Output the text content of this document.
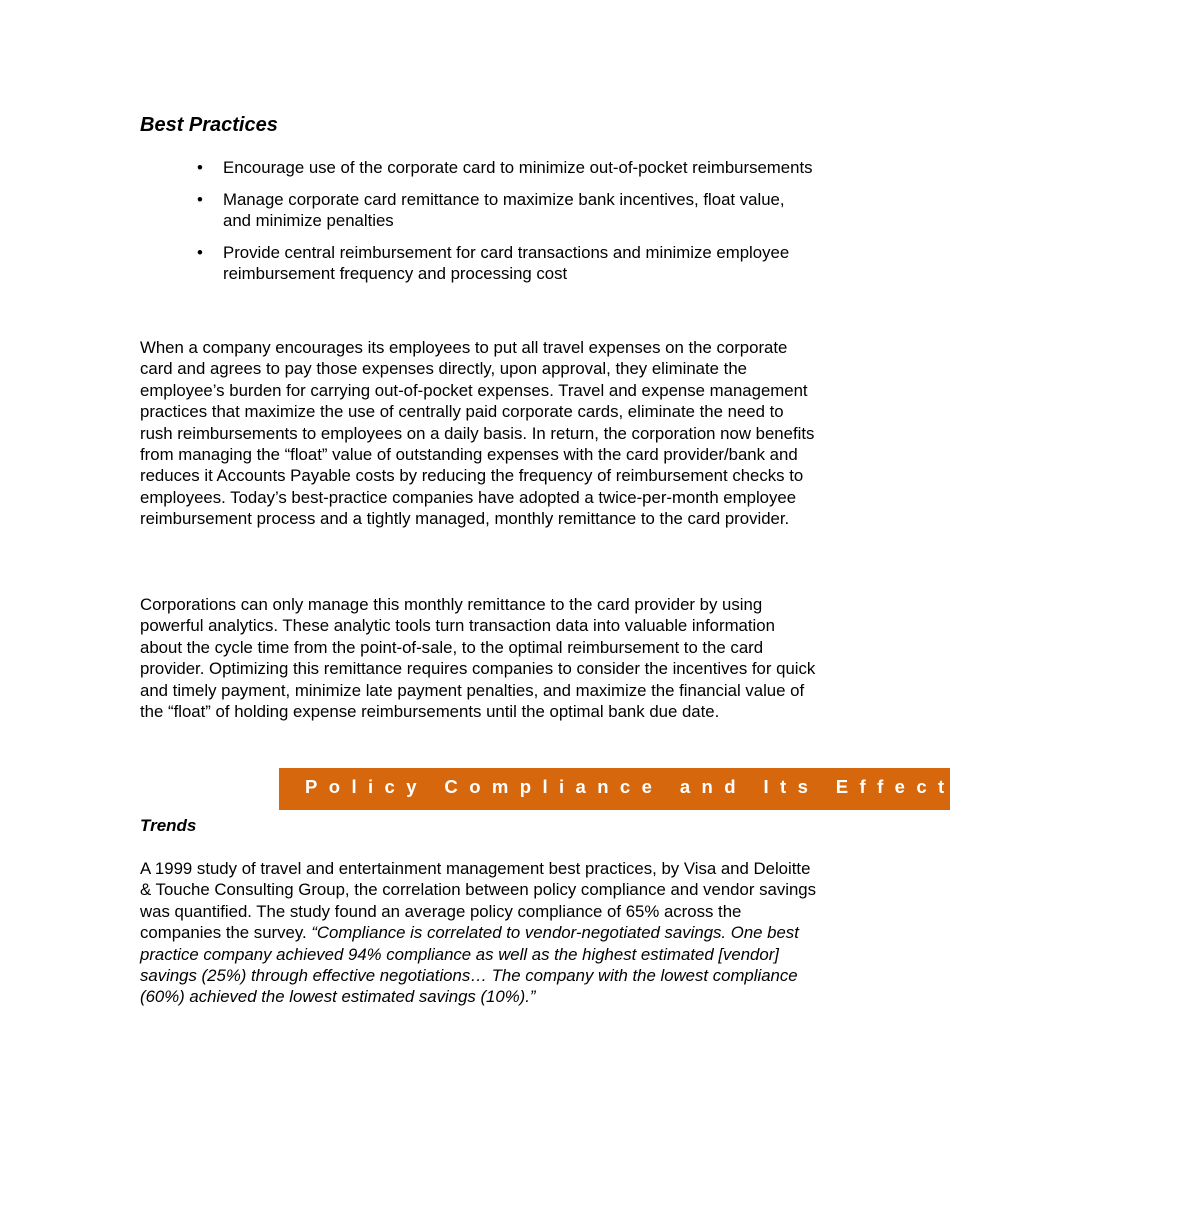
Best Practices
• Encourage use of the corporate card to minimize out-of-pocket reimbursements
• Manage corporate card remittance to maximize bank incentives, float value, and minimize penalties
• Provide central reimbursement for card transactions and minimize employee reimbursement frequency and processing cost

When a company encourages its employees to put all travel expenses on the corporate card and agrees to pay those expenses directly, upon approval, they eliminate the employee’s burden for carrying out-of-pocket expenses. Travel and expense management practices that maximize the use of centrally paid corporate cards, eliminate the need to rush reimbursements to employees on a daily basis. In return, the corporation now benefits from managing the “float” value of outstanding expenses with the card provider/bank and reduces it Accounts Payable costs by reducing the frequency of reimbursement checks to employees. Today’s best-practice companies have adopted a twice-per-month employee reimbursement process and a tightly managed, monthly remittance to the card provider.

Corporations can only manage this monthly remittance to the card provider by using powerful analytics. These analytic tools turn transaction data into valuable information about the cycle time from the point-of-sale, to the optimal reimbursement to the card provider. Optimizing this remittance requires companies to consider the incentives for quick and timely payment, minimize late payment penalties, and maximize the financial value of the “float” of holding expense reimbursements until the optimal bank due date.

Policy Compliance and Its Effect on Expense
Trends

A 1999 study of travel and entertainment management best practices, by Visa and Deloitte & Touche Consulting Group, the correlation between policy compliance and vendor savings was quantified. The study found an average policy compliance of 65% across the companies the survey. “Compliance is correlated to vendor-negotiated savings. One best practice company achieved 94% compliance as well as the highest estimated [vendor] savings (25%) through effective negotiations… The company with the lowest compliance (60%) achieved the lowest estimated savings (10%).”
